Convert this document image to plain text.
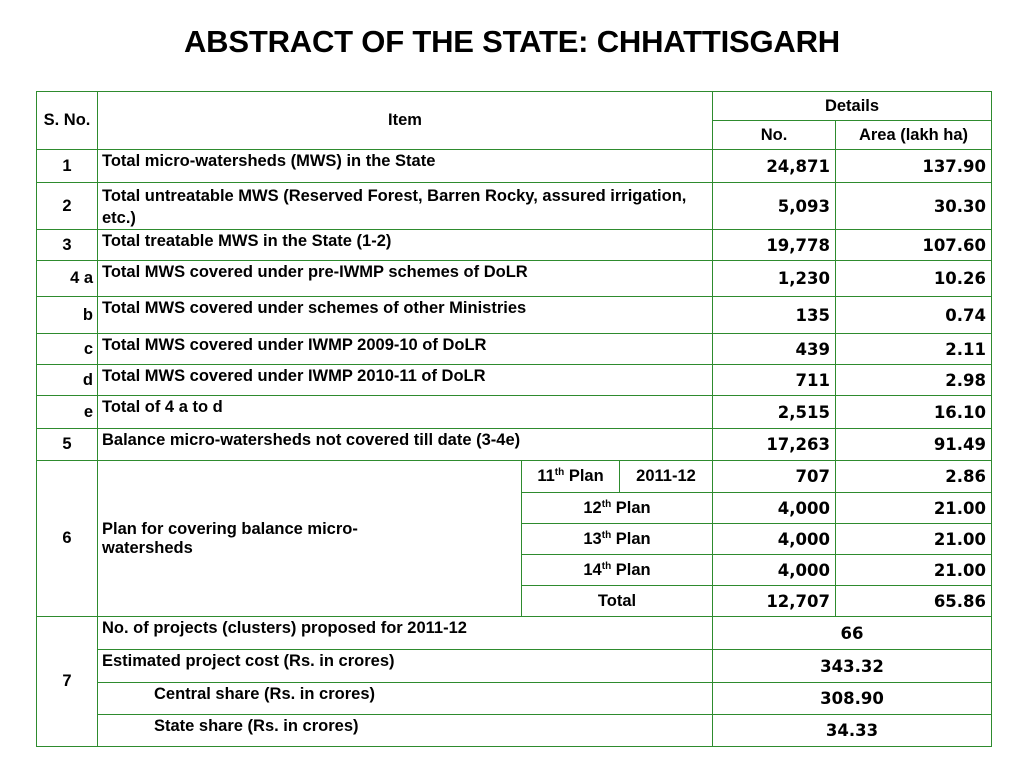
ABSTRACT OF THE STATE: CHHATTISGARH
S. No.	Item			Details	
				No.	Area (lakh ha)
1	Total micro-watersheds (MWS) in the State			24,871	137.90
2	Total untreatable MWS (Reserved Forest, Barren Rocky, assured irrigation, etc.)			5,093	30.30
3	Total treatable MWS in the State (1-2)			19,778	107.60
4 a	Total MWS covered under pre-IWMP schemes of DoLR			1,230	10.26
b	Total MWS covered under schemes of other Ministries			135	0.74
c	Total MWS covered under IWMP 2009-10 of DoLR			439	2.11
d	Total MWS covered under IWMP 2010-11 of DoLR			711	2.98
e	Total of 4 a to d			2,515	16.10
5	Balance micro-watersheds not covered till date (3-4e)			17,263	91.49
6	Plan for covering balance micro-watersheds	11th Plan	2011-12	707	2.86
		12th Plan		4,000	21.00
		13th Plan		4,000	21.00
		14th Plan		4,000	21.00
		Total		12,707	65.86
7	No. of projects (clusters) proposed for 2011-12			66	
	Estimated project cost (Rs. in crores)			343.32	
	Central share (Rs. in crores)			308.90	
	State share (Rs. in crores)			34.33	
